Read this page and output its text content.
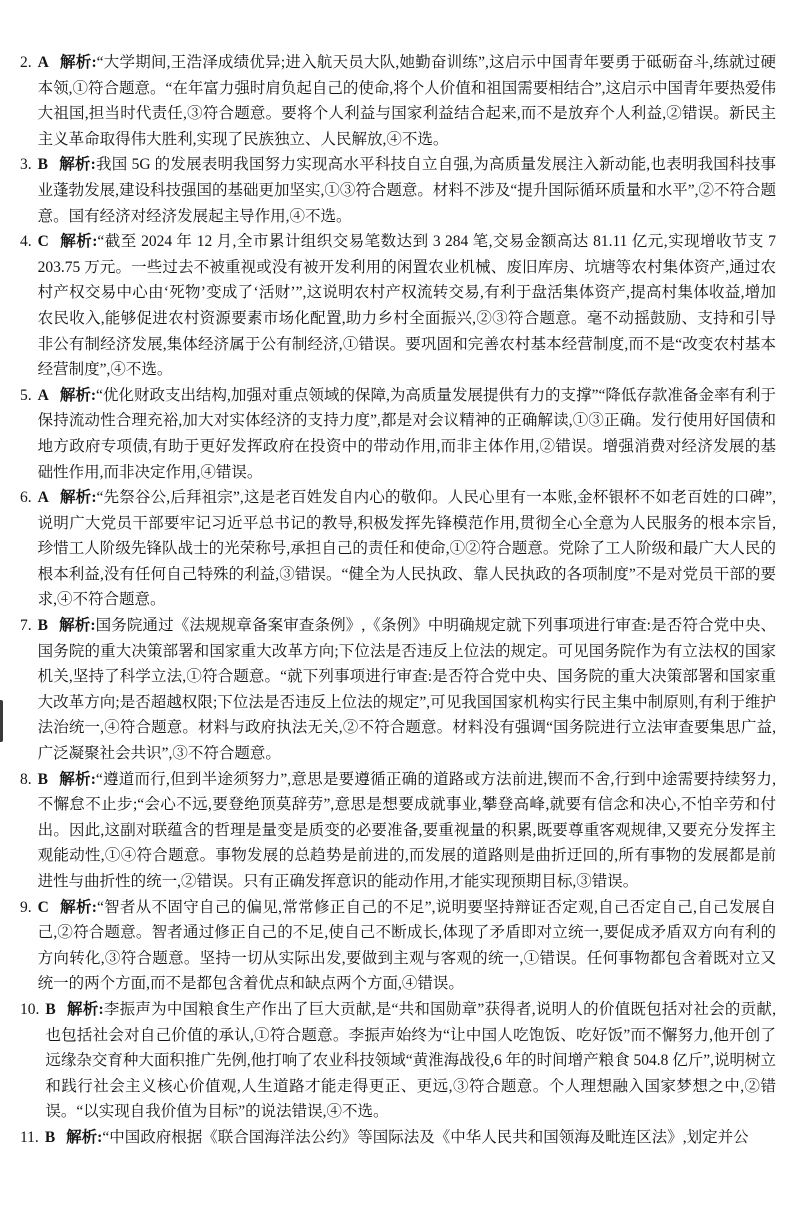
2. A 解析:“大学期间,王浩泽成绩优异;进入航天员大队,她勤奋训练”,这启示中国青年要勇于砥砺奋斗,练就过硬本领,①符合题意。“在年富力强时肩负起自己的使命,将个人价值和祖国需要相结合”,这启示中国青年要热爱伟大祖国,担当时代责任,③符合题意。要将个人利益与国家利益结合起来,而不是放弃个人利益,②错误。新民主主义革命取得伟大胜利,实现了民族独立、人民解放,④不选。
3. B 解析:我国 5G 的发展表明我国努力实现高水平科技自立自强,为高质量发展注入新动能,也表明我国科技事业蓬勃发展,建设科技强国的基础更加坚实,①③符合题意。材料不涉及“提升国际循环质量和水平”,②不符合题意。国有经济对经济发展起主导作用,④不选。
4. C 解析:“截至 2024 年 12 月,全市累计组织交易笔数达到 3 284 笔,交易金额高达 81.11 亿元,实现增收节支 7 203.75 万元。一些过去不被重视或没有被开发利用的闲置农业机械、废旧库房、坑塘等农村集体资产,通过农村产权交易中心由‘死物’变成了‘活财’”,这说明农村产权流转交易,有利于盘活集体资产,提高村集体收益,增加农民收入,能够促进农村资源要素市场化配置,助力乡村全面振兴,②③符合题意。毫不动摇鼓励、支持和引导非公有制经济发展,集体经济属于公有制经济,①错误。要巩固和完善农村基本经营制度,而不是“改变农村基本经营制度”,④不选。
5. A 解析:“优化财政支出结构,加强对重点领域的保障,为高质量发展提供有力的支撑”“降低存款准备金率有利于保持流动性合理充裕,加大对实体经济的支持力度”,都是对会议精神的正确解读,①③正确。发行使用好国债和地方政府专项债,有助于更好发挥政府在投资中的带动作用,而非主体作用,②错误。增强消费对经济发展的基础性作用,而非决定作用,④错误。
6. A 解析:“先祭谷公,后拜祖宗”,这是老百姓发自内心的敬仰。人民心里有一本账,金杯银杯不如老百姓的口碑”,说明广大党员干部要牢记习近平总书记的教导,积极发挥先锋模范作用,贯彻全心全意为人民服务的根本宗旨,珍惜工人阶级先锋队战士的光荣称号,承担自己的责任和使命,①②符合题意。党除了工人阶级和最广大人民的根本利益,没有任何自己特殊的利益,③错误。“健全为人民执政、靠人民执政的各项制度”不是对党员干部的要求,④不符合题意。
7. B 解析:国务院通过《法规规章备案审查条例》,《条例》中明确规定就下列事项进行审查:是否符合党中央、国务院的重大决策部署和国家重大改革方向;下位法是否违反上位法的规定。可见国务院作为有立法权的国家机关,坚持了科学立法,①符合题意。“就下列事项进行审查:是否符合党中央、国务院的重大决策部署和国家重大改革方向;是否超越权限;下位法是否违反上位法的规定”,可见我国国家机构实行民主集中制原则,有利于维护法治统一,④符合题意。材料与政府执法无关,②不符合题意。材料没有强调“国务院进行立法审查要集思广益,广泛凝聚社会共识”,③不符合题意。
8. B 解析:“遵道而行,但到半途须努力”,意思是要遵循正确的道路或方法前进,锲而不舍,行到中途需要持续努力,不懈怠不止步;“会心不远,要登绝顶莫辞劳”,意思是想要成就事业,攀登高峰,就要有信念和决心,不怕辛劳和付出。因此,这副对联蕴含的哲理是量变是质变的必要准备,要重视量的积累,既要尊重客观规律,又要充分发挥主观能动性,①④符合题意。事物发展的总趋势是前进的,而发展的道路则是曲折迂回的,所有事物的发展都是前进性与曲折性的统一,②错误。只有正确发挥意识的能动作用,才能实现预期目标,③错误。
9. C 解析:“智者从不固守自己的偏见,常常修正自己的不足”,说明要坚持辩证否定观,自己否定自己,自己发展自己,②符合题意。智者通过修正自己的不足,使自己不断成长,体现了矛盾即对立统一,要促成矛盾双方向有利的方向转化,③符合题意。坚持一切从实际出发,要做到主观与客观的统一,①错误。任何事物都包含着既对立又统一的两个方面,而不是都包含着优点和缺点两个方面,④错误。
10. B 解析:李振声为中国粮食生产作出了巨大贡献,是“共和国勋章”获得者,说明人的价值既包括对社会的贡献,也包括社会对自己价值的承认,①符合题意。李振声始终为“让中国人吃饱饭、吃好饭”而不懈努力,他开创了远缘杂交育种大面积推广先例,他打响了农业科技领域“黄淮海战役,6 年的时间增产粮食 504.8 亿斤”,说明树立和践行社会主义核心价值观,人生道路才能走得更正、更远,③符合题意。个人理想融入国家梦想之中,②错误。“以实现自我价值为目标”的说法错误,④不选。
11. B 解析:“中国政府根据《联合国海洋法公约》等国际法及《中华人民共和国领海及毗连区法》,划定并公
